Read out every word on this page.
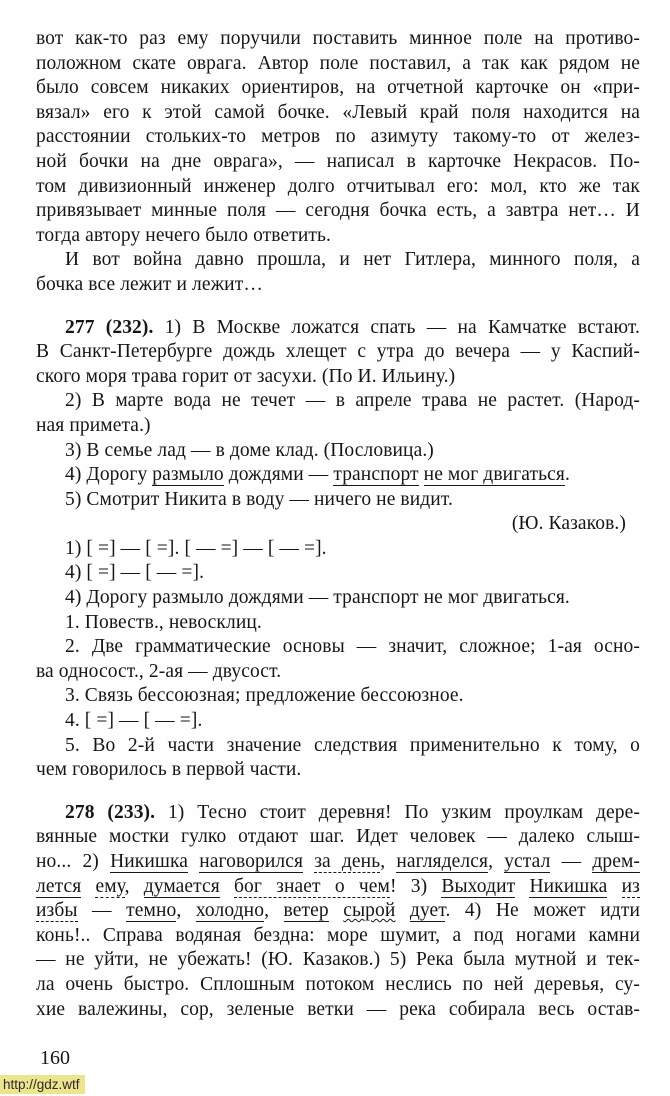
вот как-то раз ему поручили поставить минное поле на противо-
положном скате оврага. Автор поле поставил, а так как рядом не
было совсем никаких ориентиров, на отчетной карточке он «при-
вязал» его к этой самой бочке. «Левый край поля находится на
расстоянии стольких-то метров по азимуту такому-то от желез-
ной бочки на дне оврага», — написал в карточке Некрасов. По-
том дивизионный инженер долго отчитывал его: мол, кто же так
привязывает минные поля — сегодня бочка есть, а завтра нет… И
тогда автору нечего было ответить.
И вот война давно прошла, и нет Гитлера, минного поля, а
бочка все лежит и лежит…
277 (232). 1) В Москве ложатся спать — на Камчатке встают.
В Санкт-Петербурге дождь хлещет с утра до вечера — у Каспий-
ского моря трава горит от засухи. (По И. Ильину.)
2) В марте вода не течет — в апреле трава не растет. (Народ-
ная примета.)
3) В семье лад — в доме клад. (Пословица.)
4) Дорогу размыло дождями — транспорт не мог двигаться.
5) Смотрит Никита в воду — ничего не видит.
(Ю. Казаков.)
1) [ =] — [ =]. [ — =] — [ — =].
4) [ =] — [ — =].
4) Дорогу размыло дождями — транспорт не мог двигаться.
1. Повеств., невосклиц.
2. Две грамматические основы — значит, сложное; 1-ая осно-
ва односост., 2-ая — двусост.
3. Связь бессоюзная; предложение бессоюзное.
4. [ =] — [ — =].
5. Во 2-й части значение следствия применительно к тому, о
чем говорилось в первой части.
278 (233). 1) Тесно стоит деревня! По узким проулкам дере-
вянные мостки гулко отдают шаг. Идет человек — далеко слыш-
но... 2) Никишка наговорился за день, нагляделся, устал — дрем-
лется ему, думается бог знает о чем! 3) Выходит Никишка из
избы — темно, холодно, ветер сырой дует. 4) Не может идти
конь!.. Справа водяная бездна: море шумит, а под ногами камни
— не уйти, не убежать! (Ю. Казаков.) 5) Река была мутной и тек-
ла очень быстро. Сплошным потоком неслись по ней деревья, су-
хие валежины, сор, зеленые ветки — река собирала весь остав-
160
http://gdz.wtf
